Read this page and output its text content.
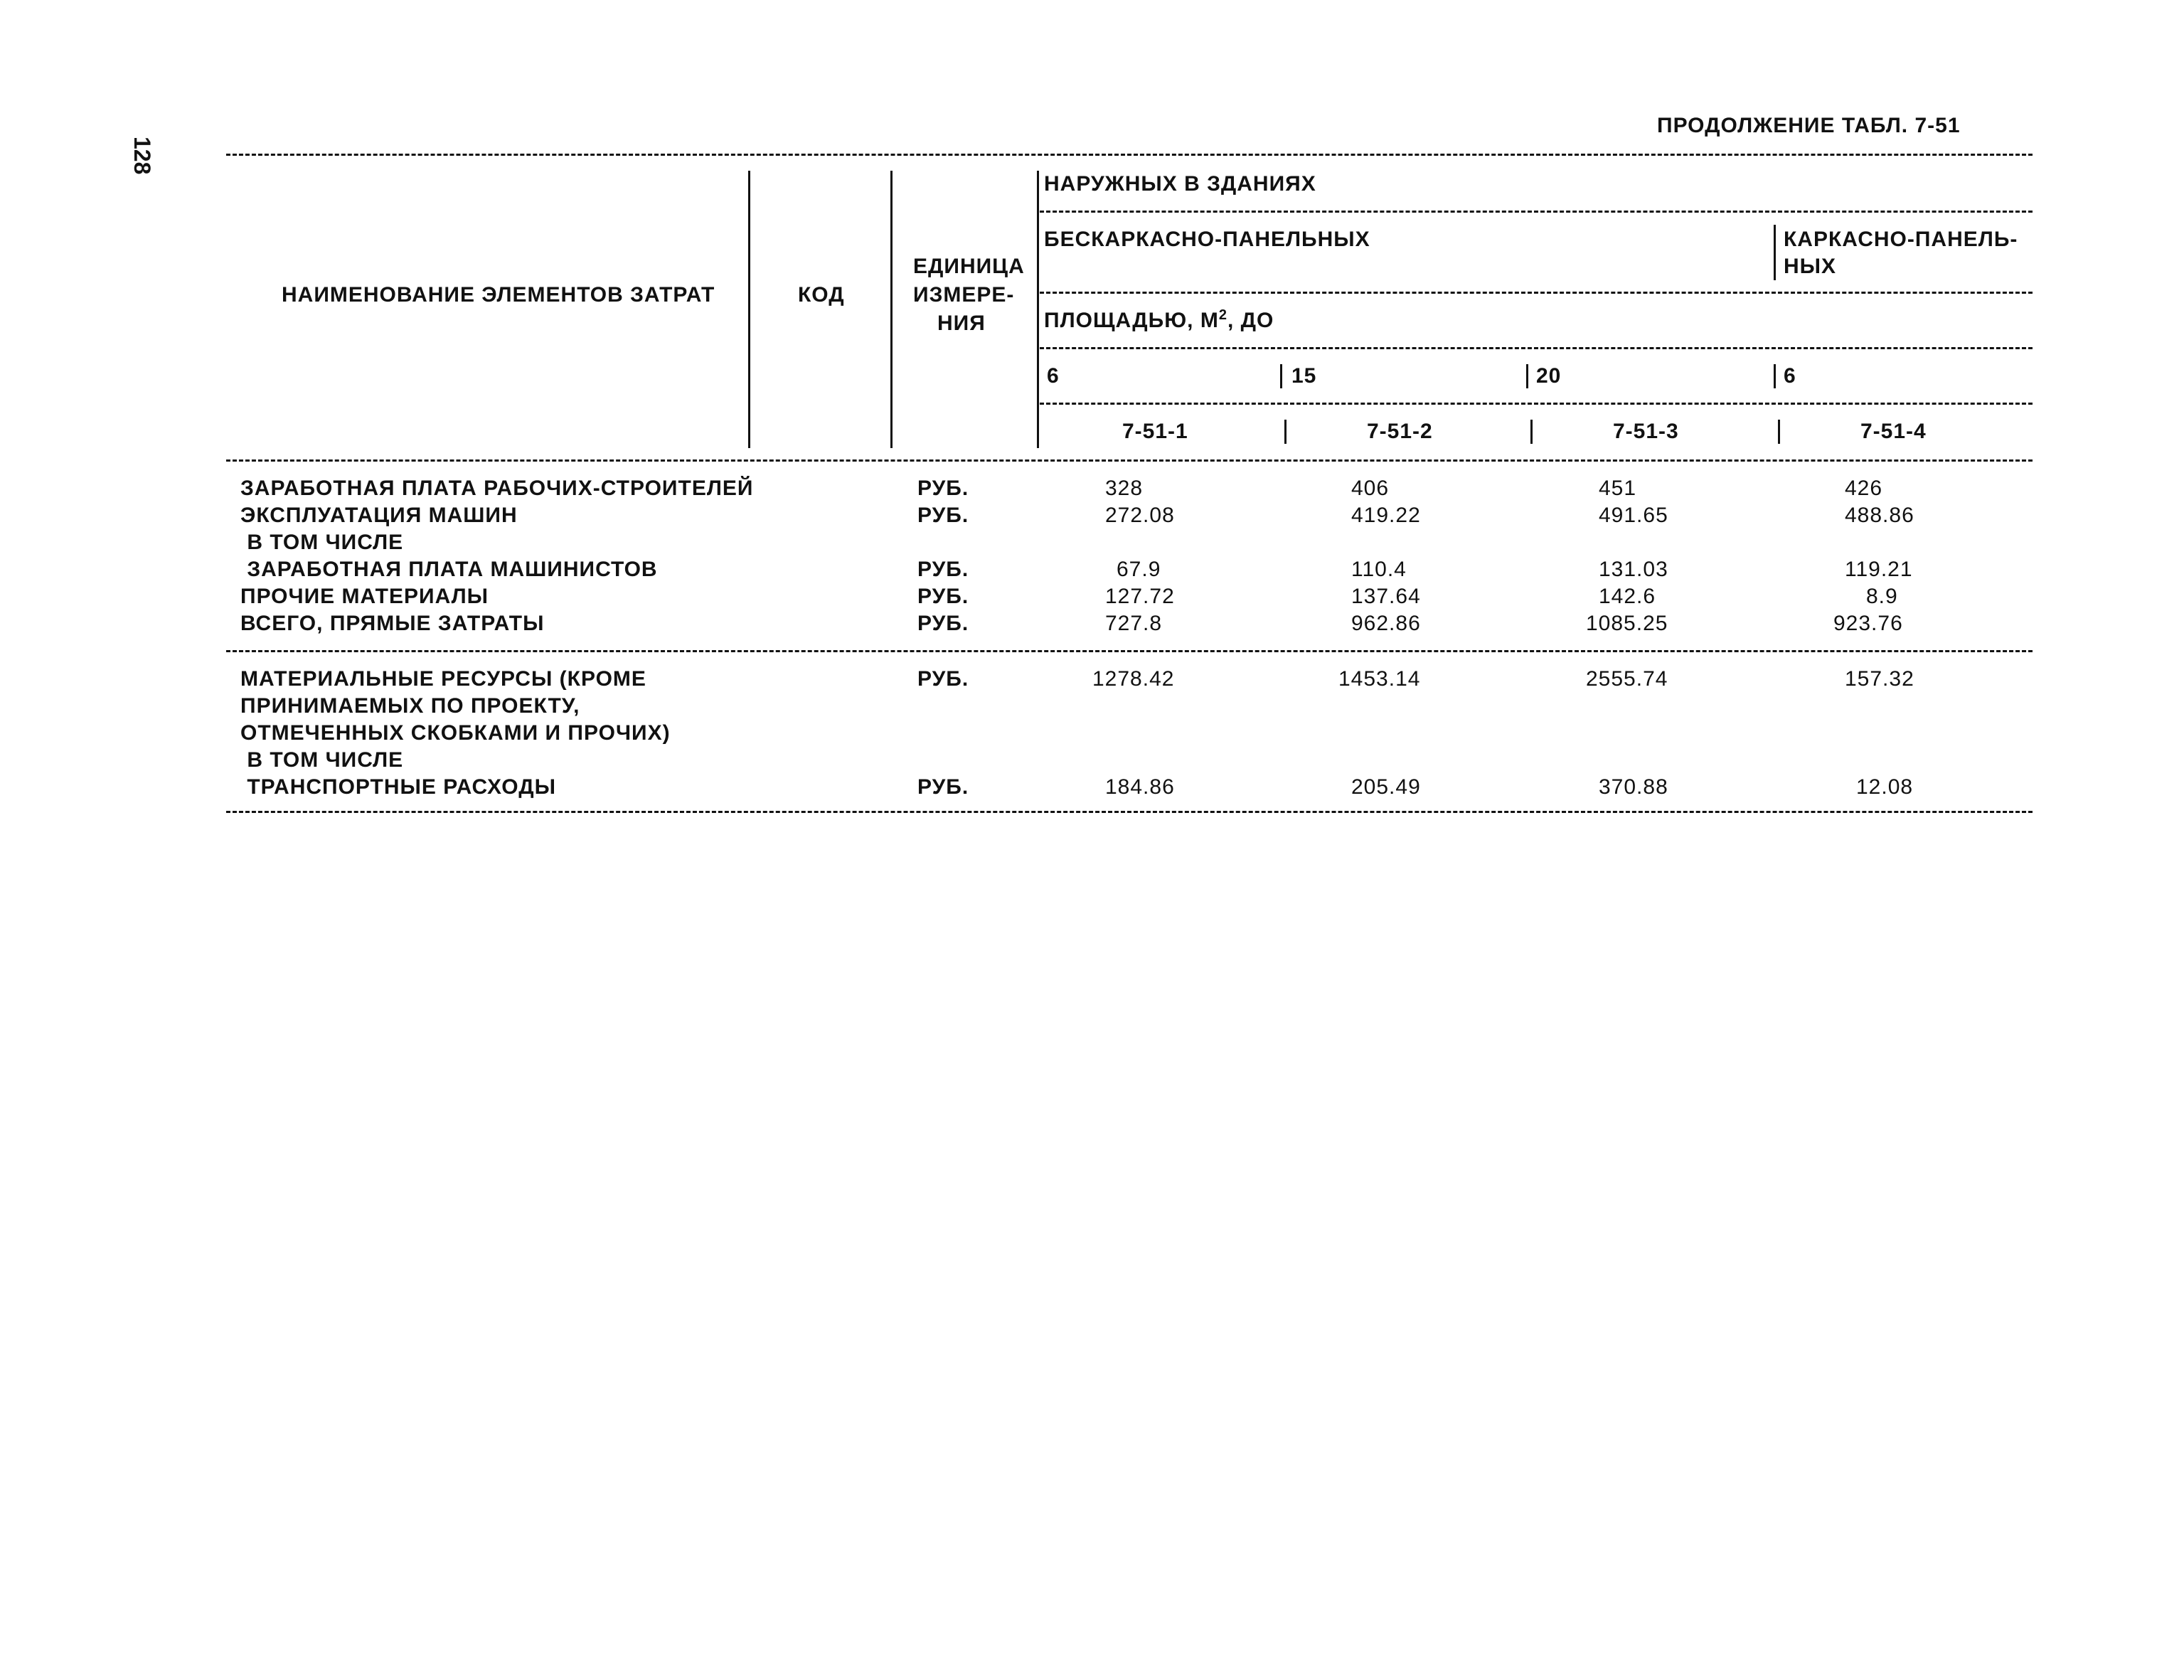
128
ПРОДОЛЖЕНИЕ ТАБЛ. 7-51
НАИМЕНОВАНИЕ ЭЛЕМЕНТОВ ЗАТРАТ	КОД
ЕДИНИЦА
ИЗМЕРЕ-
НИЯ
НАРУЖНЫХ В ЗДАНИЯХ
БЕСКАРКАСНО-ПАНЕЛЬНЫХ	КАРКАСНО-ПАНЕЛЬ-
НЫХ
ПЛОЩАДЬЮ, $М^2$, ДО
6	15	20	6
7-51-1	7-51-2	7-51-3	7-51-4
ЗАРАБОТНАЯ ПЛАТА РАБОЧИХ-СТРОИТЕЛЕЙ	РУБ.	328	406	451	426
ЭКСПЛУАТАЦИЯ МАШИН	РУБ.	272.08	419.22	491.65	488.86
В ТОМ ЧИСЛЕ
ЗАРАБОТНАЯ ПЛАТА МАШИНИСТОВ	РУБ.	67.9	110.4	131.03	119.21
ПРОЧИЕ МАТЕРИАЛЫ	РУБ.	127.72	137.64	142.6	8.9
ВСЕГО, ПРЯМЫЕ ЗАТРАТЫ	РУБ.	727.8	962.86	1085.25	923.76
МАТЕРИАЛЬНЫЕ РЕСУРСЫ (КРОМЕ	РУБ.	1278.42	1453.14	2555.74	157.32
ПРИНИМАЕМЫХ ПО ПРОЕКТУ,
ОТМЕЧЕННЫХ СКОБКАМИ И ПРОЧИХ)
В ТОМ ЧИСЛЕ
ТРАНСПОРТНЫЕ РАСХОДЫ	РУБ.	184.86	205.49	370.88	12.08
